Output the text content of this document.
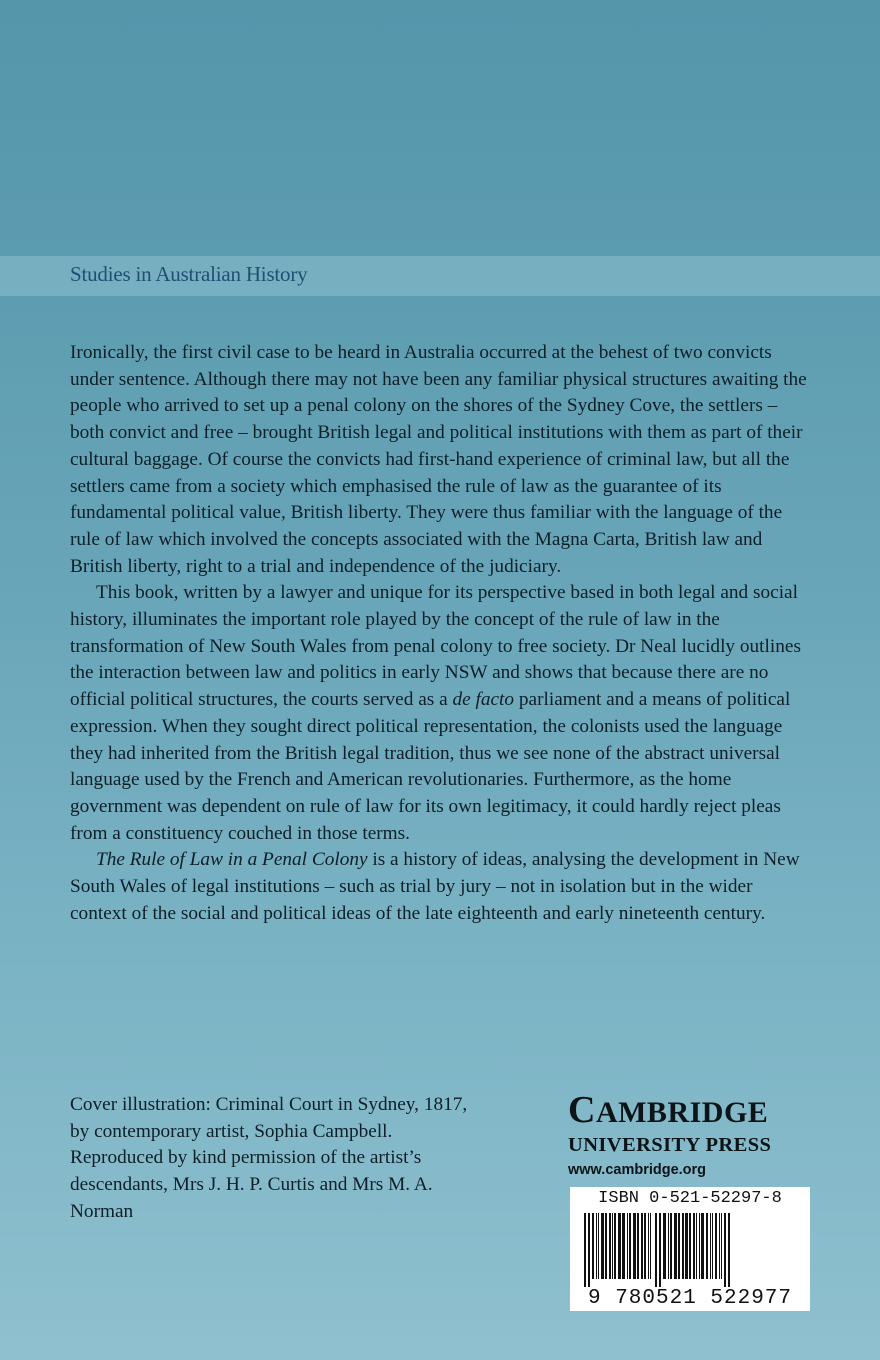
Studies in Australian History

Ironically, the first civil case to be heard in Australia occurred at the behest of two convicts under sentence. Although there may not have been any familiar physical structures awaiting the people who arrived to set up a penal colony on the shores of the Sydney Cove, the settlers – both convict and free – brought British legal and political institutions with them as part of their cultural baggage. Of course the convicts had first-hand experience of criminal law, but all the settlers came from a society which emphasised the rule of law as the guarantee of its fundamental political value, British liberty. They were thus familiar with the language of the rule of law which involved the concepts associated with the Magna Carta, British law and British liberty, right to a trial and independence of the judiciary.

This book, written by a lawyer and unique for its perspective based in both legal and social history, illuminates the important role played by the concept of the rule of law in the transformation of New South Wales from penal colony to free society. Dr Neal lucidly outlines the interaction between law and politics in early NSW and shows that because there are no official political structures, the courts served as a de facto parliament and a means of political expression. When they sought direct political representation, the colonists used the language they had inherited from the British legal tradition, thus we see none of the abstract universal language used by the French and American revolutionaries. Furthermore, as the home government was dependent on rule of law for its own legitimacy, it could hardly reject pleas from a constituency couched in those terms.

The Rule of Law in a Penal Colony is a history of ideas, analysing the development in New South Wales of legal institutions – such as trial by jury – not in isolation but in the wider context of the social and political ideas of the late eighteenth and early nineteenth century.

Cover illustration: Criminal Court in Sydney, 1817,
by contemporary artist, Sophia Campbell.
Reproduced by kind permission of the artist’s
descendants, Mrs J. H. P. Curtis and Mrs M. A.
Norman
CAMBRIDGE
UNIVERSITY PRESS
www.cambridge.org
ISBN 0-521-52297-8
9 780521 522977
